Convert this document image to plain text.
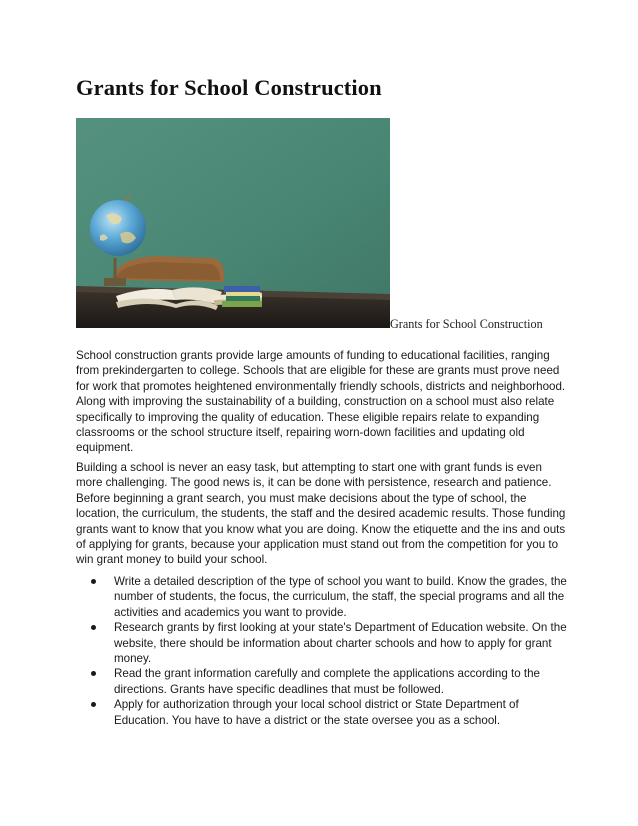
Grants for School Construction
Grants for School Construction

School construction grants provide large amounts of funding to educational facilities, ranging from prekindergarten to college. Schools that are eligible for these are grants must prove need for work that promotes heightened environmentally friendly schools, districts and neighborhood. Along with improving the sustainability of a building, construction on a school must also relate specifically to improving the quality of education. These eligible repairs relate to expanding classrooms or the school structure itself, repairing worn-down facilities and updating old equipment.

Building a school is never an easy task, but attempting to start one with grant funds is even more challenging. The good news is, it can be done with persistence, research and patience. Before beginning a grant search, you must make decisions about the type of school, the location, the curriculum, the students, the staff and the desired academic results. Those funding grants want to know that you know what you are doing. Know the etiquette and the ins and outs of applying for grants, because your application must stand out from the competition for you to win grant money to build your school.

Write a detailed description of the type of school you want to build. Know the grades, the number of students, the focus, the curriculum, the staff, the special programs and all the activities and academics you want to provide.
Research grants by first looking at your state's Department of Education website. On the website, there should be information about charter schools and how to apply for grant money.
Read the grant information carefully and complete the applications according to the directions. Grants have specific deadlines that must be followed.
Apply for authorization through your local school district or State Department of Education. You have to have a district or the state oversee you as a school.
